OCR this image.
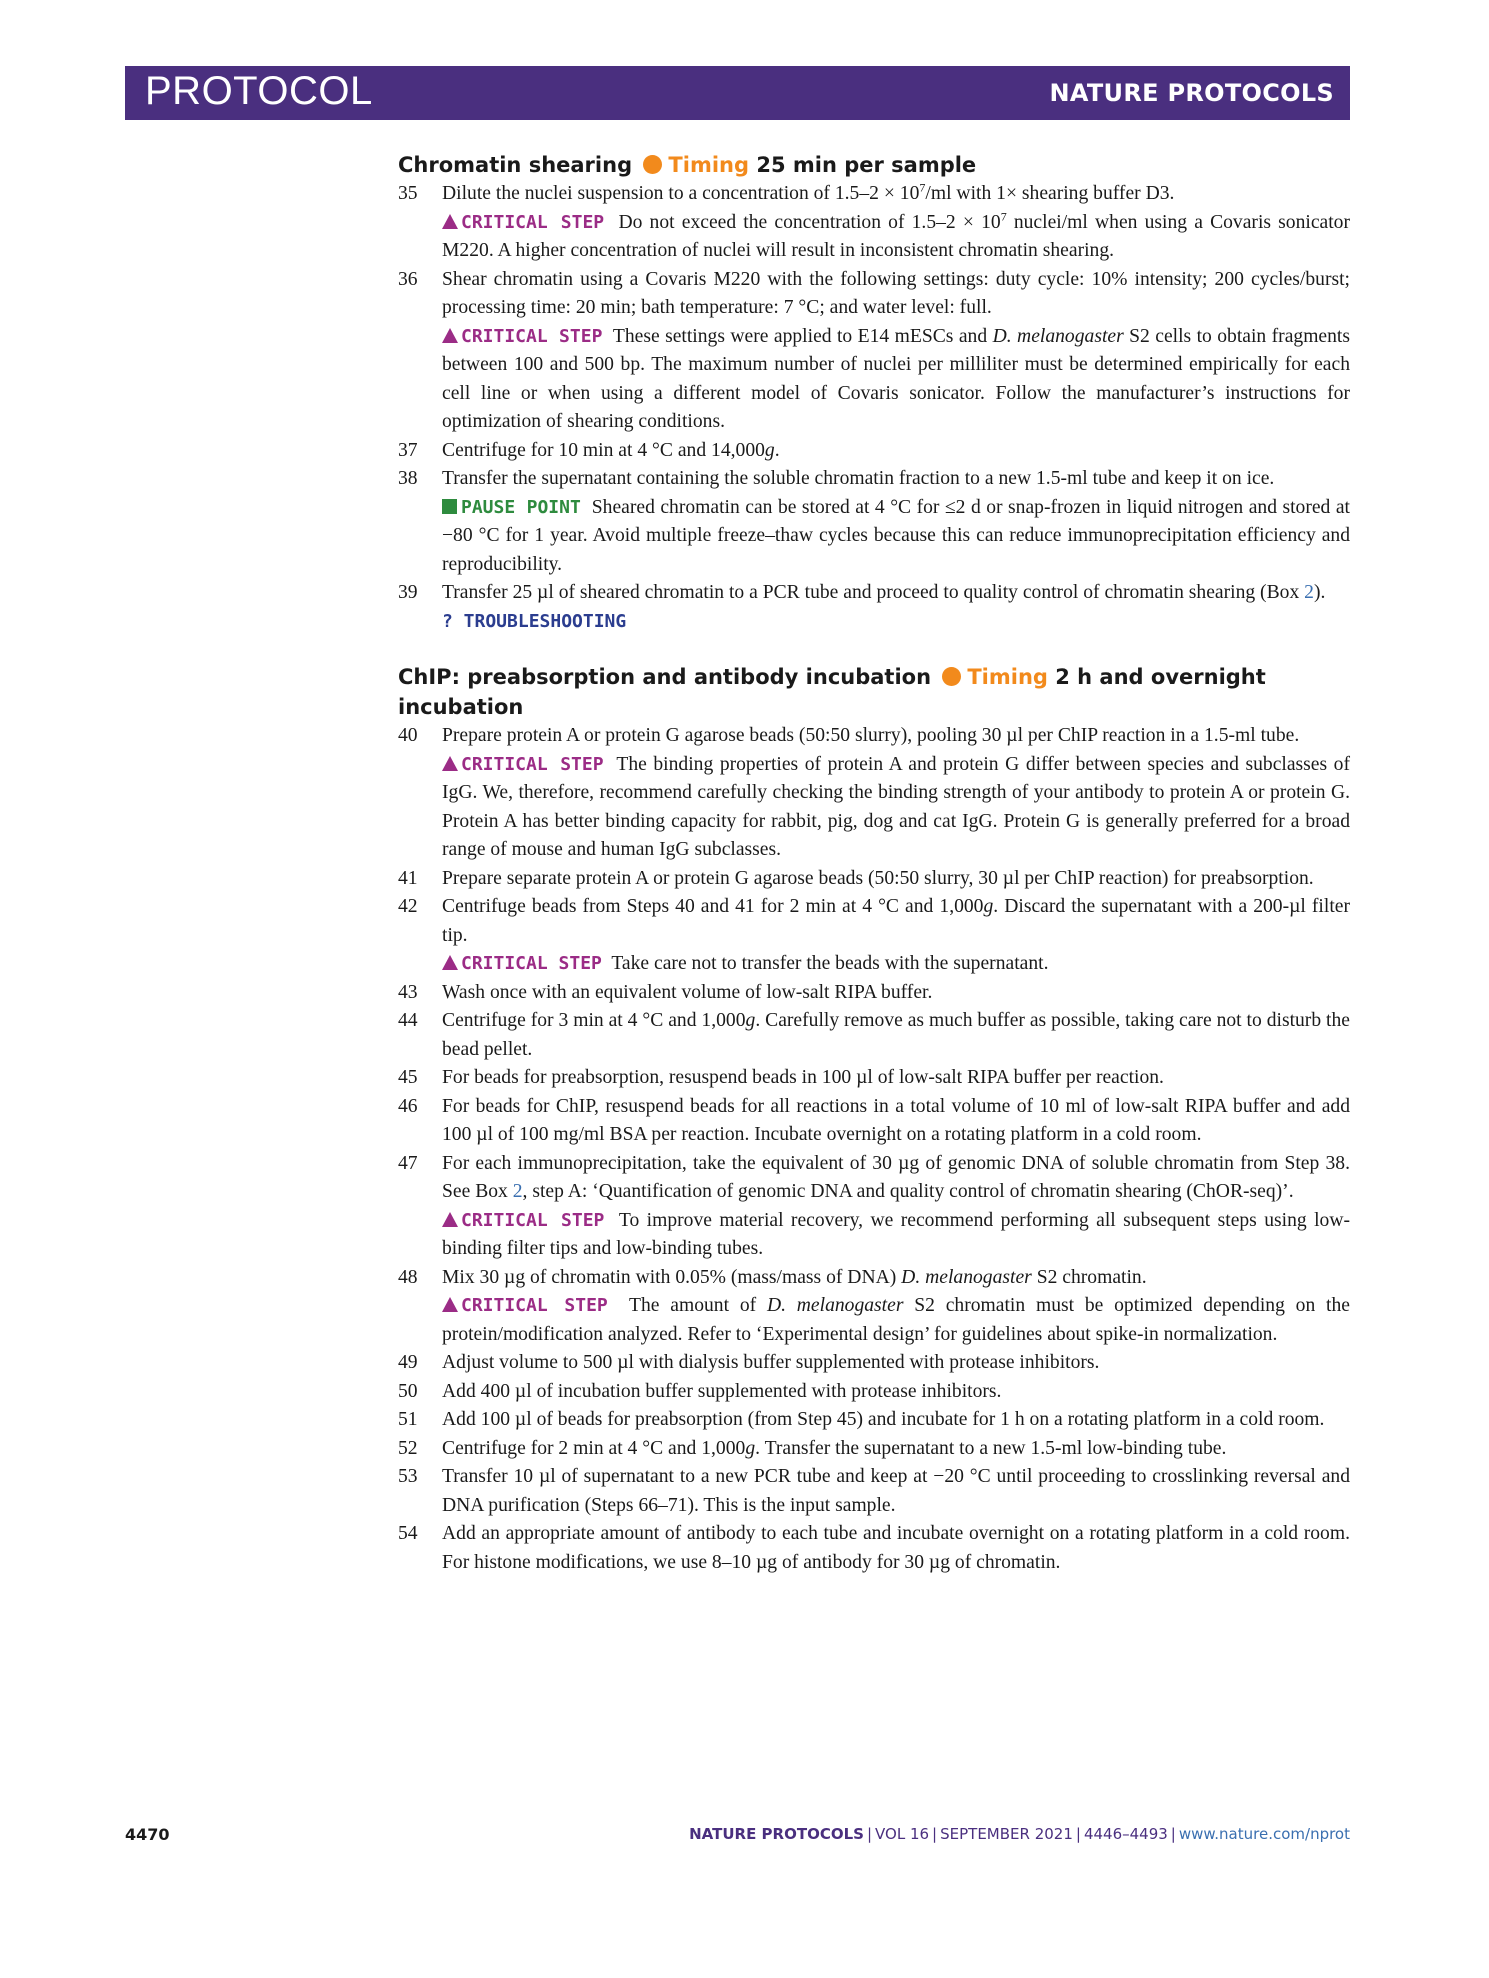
PROTOCOL	NATURE PROTOCOLS
Chromatin shearing Timing 25 min per sample
35 Dilute the nuclei suspension to a concentration of $1.5-2 \times 10^7/ml$ with 1× shearing buffer D3.
CRITICAL STEP  Do not exceed the concentration of $1.5-2 \times 10^7$ nuclei/ml when using a Covaris sonicator M220. A higher concentration of nuclei will result in inconsistent chromatin shearing.
36 Shear chromatin using a Covaris M220 with the following settings: duty cycle: 10% intensity; 200 cycles/burst; processing time: 20 min; bath temperature: 7 °C; and water level: full.
CRITICAL STEP  These settings were applied to E14 mESCs and D. melanogaster S2 cells to obtain fragments between 100 and 500 bp. The maximum number of nuclei per milliliter must be determined empirically for each cell line or when using a different model of Covaris sonicator. Follow the manufacturer’s instructions for optimization of shearing conditions.
37 Centrifuge for 10 min at 4 °C and 14,000g.
38 Transfer the supernatant containing the soluble chromatin fraction to a new 1.5-ml tube and keep it on ice.
PAUSE POINT  Sheared chromatin can be stored at 4 °C for ≤2 d or snap-frozen in liquid nitrogen and stored at −80 °C for 1 year. Avoid multiple freeze–thaw cycles because this can reduce immunoprecipitation efficiency and reproducibility.
39 Transfer 25 µl of sheared chromatin to a PCR tube and proceed to quality control of chromatin shearing (Box 2).
? TROUBLESHOOTING
ChIP: preabsorption and antibody incubation Timing 2 h and overnight incubation
40 Prepare protein A or protein G agarose beads (50:50 slurry), pooling 30 µl per ChIP reaction in a 1.5-ml tube.
CRITICAL STEP  The binding properties of protein A and protein G differ between species and subclasses of IgG. We, therefore, recommend carefully checking the binding strength of your antibody to protein A or protein G. Protein A has better binding capacity for rabbit, pig, dog and cat IgG. Protein G is generally preferred for a broad range of mouse and human IgG subclasses.
41 Prepare separate protein A or protein G agarose beads (50:50 slurry, 30 µl per ChIP reaction) for preabsorption.
42 Centrifuge beads from Steps 40 and 41 for 2 min at 4 °C and 1,000g. Discard the supernatant with a 200-µl filter tip.
CRITICAL STEP  Take care not to transfer the beads with the supernatant.
43 Wash once with an equivalent volume of low-salt RIPA buffer.
44 Centrifuge for 3 min at 4 °C and 1,000g. Carefully remove as much buffer as possible, taking care not to disturb the bead pellet.
45 For beads for preabsorption, resuspend beads in 100 µl of low-salt RIPA buffer per reaction.
46 For beads for ChIP, resuspend beads for all reactions in a total volume of 10 ml of low-salt RIPA buffer and add 100 µl of 100 mg/ml BSA per reaction. Incubate overnight on a rotating platform in a cold room.
47 For each immunoprecipitation, take the equivalent of 30 µg of genomic DNA of soluble chromatin from Step 38. See Box 2, step A: ‘Quantification of genomic DNA and quality control of chromatin shearing (ChOR-seq)’.
CRITICAL STEP  To improve material recovery, we recommend performing all subsequent steps using low-binding filter tips and low-binding tubes.
48 Mix 30 µg of chromatin with 0.05% (mass/mass of DNA) D. melanogaster S2 chromatin.
CRITICAL STEP  The amount of D. melanogaster S2 chromatin must be optimized depending on the protein/modification analyzed. Refer to ‘Experimental design’ for guidelines about spike-in normalization.
49 Adjust volume to 500 µl with dialysis buffer supplemented with protease inhibitors.
50 Add 400 µl of incubation buffer supplemented with protease inhibitors.
51 Add 100 µl of beads for preabsorption (from Step 45) and incubate for 1 h on a rotating platform in a cold room.
52 Centrifuge for 2 min at 4 °C and 1,000g. Transfer the supernatant to a new 1.5-ml low-binding tube.
53 Transfer 10 µl of supernatant to a new PCR tube and keep at −20 °C until proceeding to crosslinking reversal and DNA purification (Steps 66–71). This is the input sample.
54 Add an appropriate amount of antibody to each tube and incubate overnight on a rotating platform in a cold room. For histone modifications, we use 8–10 µg of antibody for 30 µg of chromatin.
4470	NATURE PROTOCOLS | VOL 16 | SEPTEMBER 2021 | 4446–4493 | www.nature.com/nprot
